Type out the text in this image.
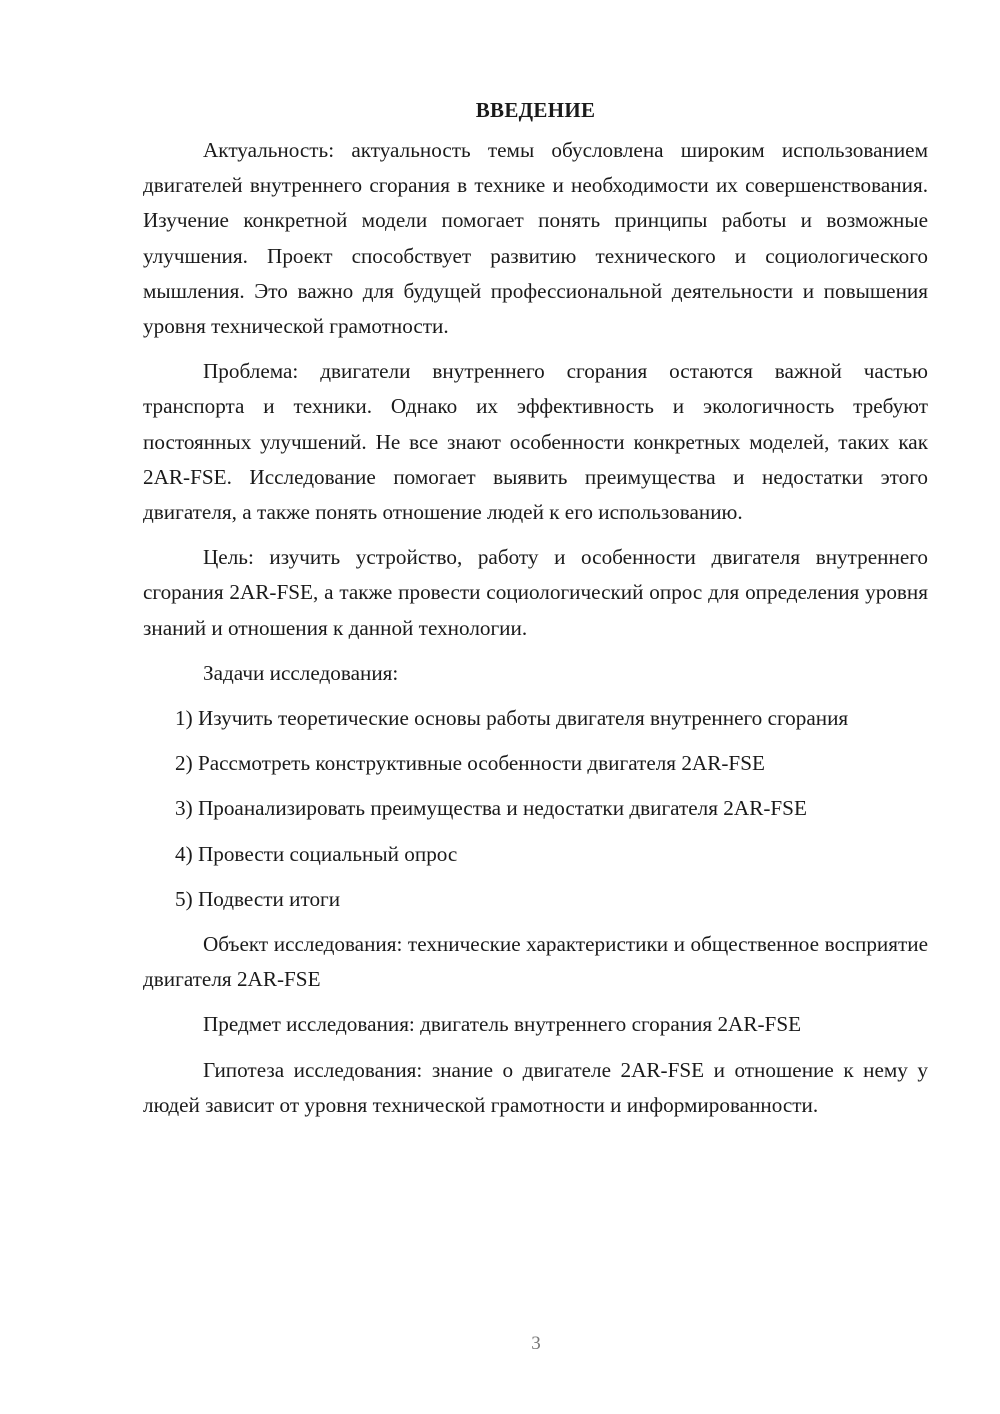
ВВЕДЕНИЕ

Актуальность: актуальность темы обусловлена широким использованием двигателей внутреннего сгорания в технике и необходимости их совершенствования. Изучение конкретной модели помогает понять принципы работы и возможные улучшения. Проект способствует развитию технического и социологического мышления. Это важно для будущей профессиональной деятельности и повышения уровня технической грамотности.

Проблема: двигатели внутреннего сгорания остаются важной частью транспорта и техники. Однако их эффективность и экологичность требуют постоянных улучшений. Не все знают особенности конкретных моделей, таких как 2AR-FSE. Исследование помогает выявить преимущества и недостатки этого двигателя, а также понять отношение людей к его использованию.

Цель: изучить устройство, работу и особенности двигателя внутреннего сгорания 2AR-FSE, а также провести социологический опрос для определения уровня знаний и отношения к данной технологии.

Задачи исследования:

1) Изучить теоретические основы работы двигателя внутреннего сгорания

2) Рассмотреть конструктивные особенности двигателя 2AR-FSE

3) Проанализировать преимущества и недостатки двигателя 2AR-FSE

4) Провести социальный опрос

5) Подвести итоги

Объект исследования: технические характеристики и общественное восприятие двигателя 2AR-FSE

Предмет исследования: двигатель внутреннего сгорания 2AR-FSE

Гипотеза исследования: знание о двигателе 2AR-FSE и отношение к нему у людей зависит от уровня технической грамотности и информированности.

3
